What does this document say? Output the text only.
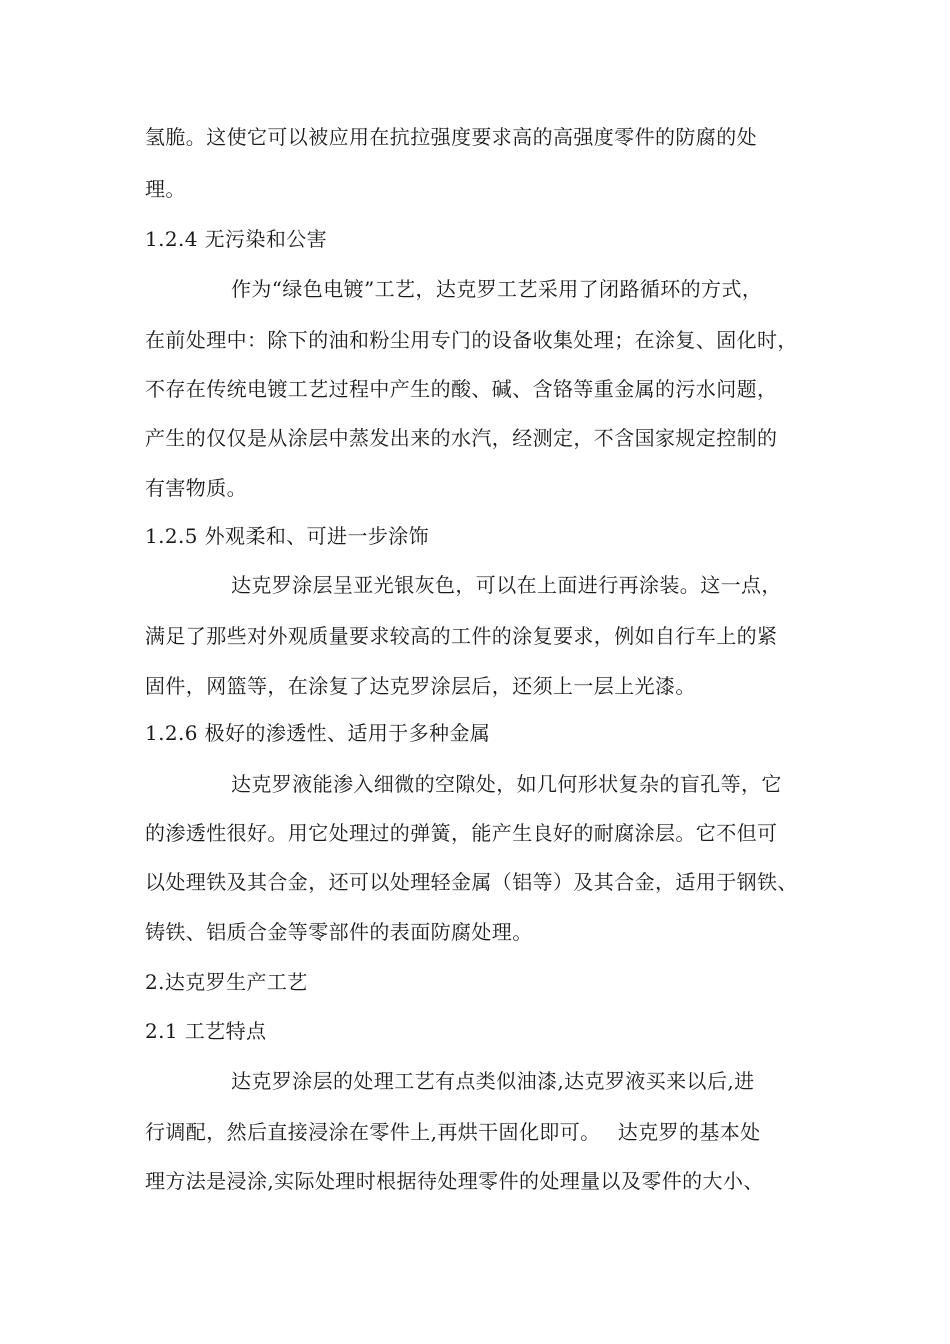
氢脆。这使它可以被应用在抗拉强度要求高的高强度零件的防腐的处
理。
1.2.4 无污染和公害
作为“绿色电镀”工艺，达克罗工艺采用了闭路循环的方式，
在前处理中：除下的油和粉尘用专门的设备收集处理；在涂复、固化时，
不存在传统电镀工艺过程中产生的酸、碱、含铬等重金属的污水问题，
产生的仅仅是从涂层中蒸发出来的水汽，经测定，不含国家规定控制的
有害物质。
1.2.5 外观柔和、可进一步涂饰
达克罗涂层呈亚光银灰色，可以在上面进行再涂装。这一点，
满足了那些对外观质量要求较高的工件的涂复要求，例如自行车上的紧
固件，网篮等，在涂复了达克罗涂层后，还须上一层上光漆。
1.2.6 极好的渗透性、适用于多种金属
达克罗液能渗入细微的空隙处，如几何形状复杂的盲孔等，它
的渗透性很好。用它处理过的弹簧，能产生良好的耐腐涂层。它不但可
以处理铁及其合金，还可以处理轻金属（铝等）及其合金，适用于钢铁、
铸铁、铝质合金等零部件的表面防腐处理。
2.达克罗生产工艺
2.1 工艺特点
达克罗涂层的处理工艺有点类似油漆,达克罗液买来以后,进
行调配，然后直接浸涂在零件上,再烘干固化即可。　 达克罗的基本处
理方法是浸涂,实际处理时根据待处理零件的处理量以及零件的大小、
